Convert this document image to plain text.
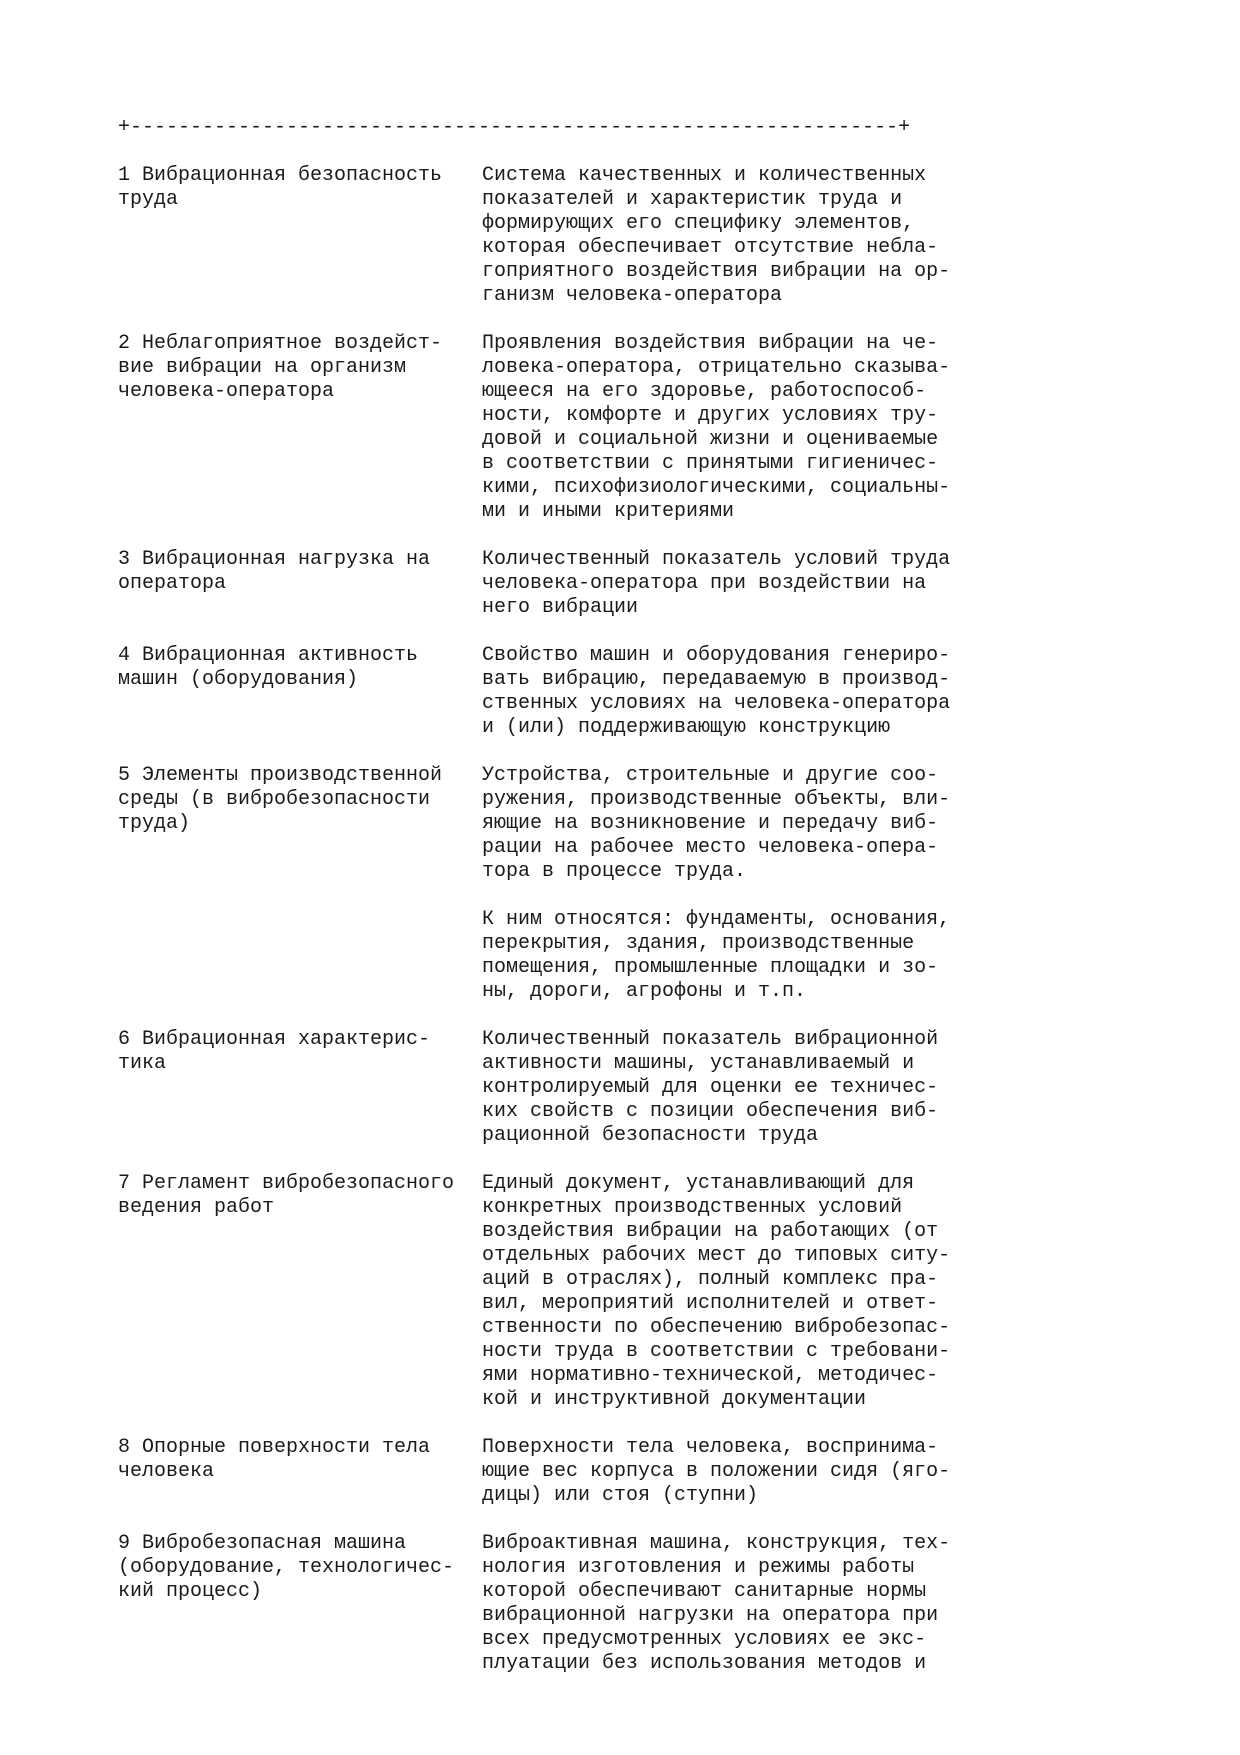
+----------------------------------------------------------------+
1 Вибрационная безопасность
труда
Система качественных и количественных
показателей и характеристик труда и
формирующих его специфику элементов,
которая обеспечивает отсутствие небла-
гоприятного воздействия вибрации на ор-
ганизм человека-оператора
2 Неблагоприятное воздейст-
вие вибрации на организм
человека-оператора
Проявления воздействия вибрации на че-
ловека-оператора, отрицательно сказыва-
ющееся на его здоровье, работоспособ-
ности, комфорте и других условиях тру-
довой и социальной жизни и оцениваемые
в соответствии с принятыми гигиеничес-
кими, психофизиологическими, социальны-
ми и иными критериями
3 Вибрационная нагрузка на
оператора
Количественный показатель условий труда
человека-оператора при воздействии на
него вибрации
4 Вибрационная активность
машин (оборудования)
Свойство машин и оборудования генериро-
вать вибрацию, передаваемую в производ-
ственных условиях на человека-оператора
и (или) поддерживающую конструкцию
5 Элементы производственной
среды (в вибробезопасности
труда)
Устройства, строительные и другие соо-
ружения, производственные объекты, вли-
яющие на возникновение и передачу виб-
рации на рабочее место человека-опера-
тора в процессе труда.
К ним относятся: фундаменты, основания,
перекрытия, здания, производственные
помещения, промышленные площадки и зо-
ны, дороги, агрофоны и т.п.
6 Вибрационная характерис-
тика
Количественный показатель вибрационной
активности машины, устанавливаемый и
контролируемый для оценки ее техничес-
ких свойств с позиции обеспечения виб-
рационной безопасности труда
7 Регламент вибробезопасного
ведения работ
Единый документ, устанавливающий для
конкретных производственных условий
воздействия вибрации на работающих (от
отдельных рабочих мест до типовых ситу-
аций в отраслях), полный комплекс пра-
вил, мероприятий исполнителей и ответ-
ственности по обеспечению вибробезопас-
ности труда в соответствии с требовани-
ями нормативно-технической, методичес-
кой и инструктивной документации
8 Опорные поверхности тела
человека
Поверхности тела человека, воспринима-
ющие вес корпуса в положении сидя (яго-
дицы) или стоя (ступни)
9 Вибробезопасная машина
(оборудование, технологичес-
кий процесс)
Виброактивная машина, конструкция, тех-
нология изготовления и режимы работы
которой обеспечивают санитарные нормы
вибрационной нагрузки на оператора при
всех предусмотренных условиях ее экс-
плуатации без использования методов и
